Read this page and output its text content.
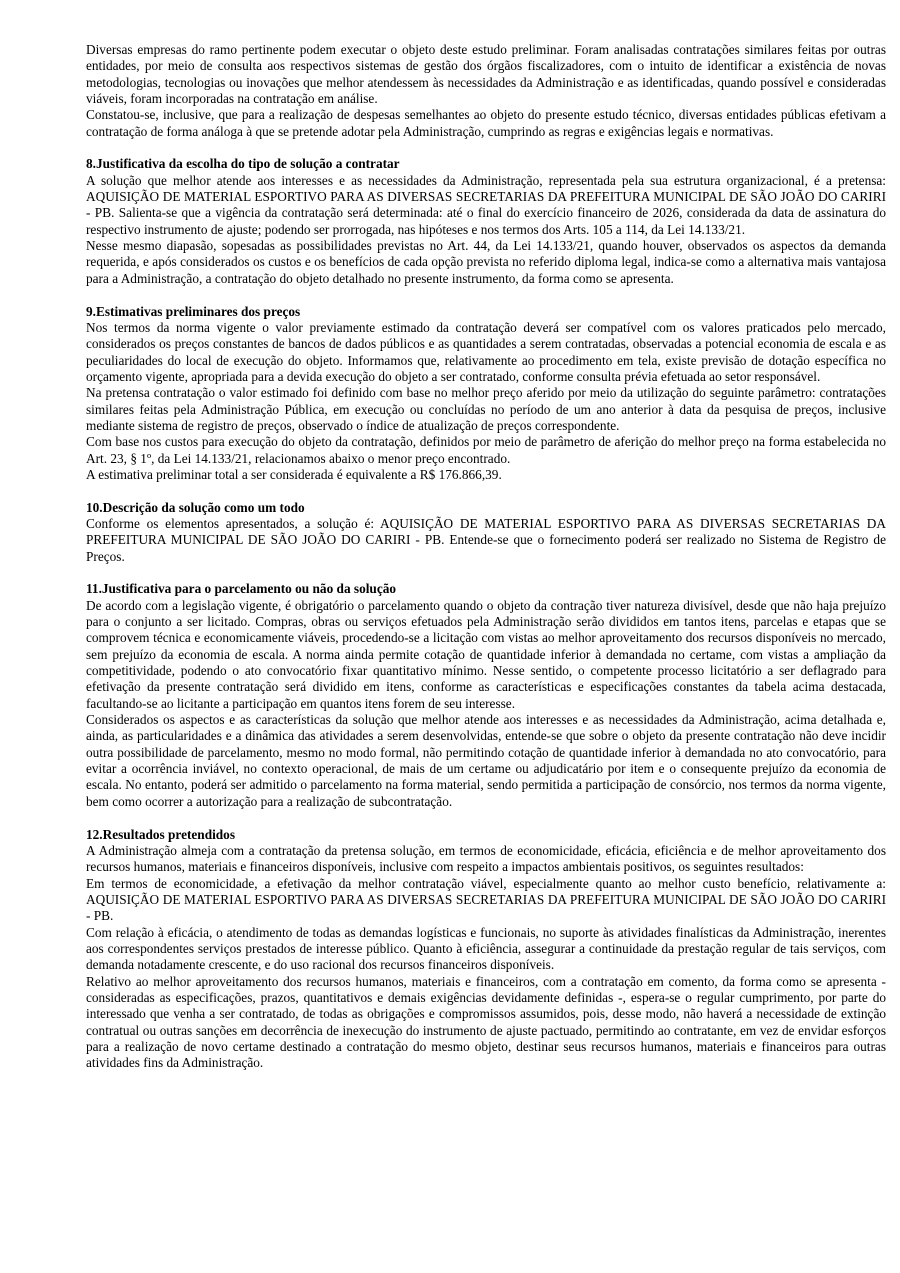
Diversas empresas do ramo pertinente podem executar o objeto deste estudo preliminar. Foram analisadas contratações similares feitas por outras entidades, por meio de consulta aos respectivos sistemas de gestão dos órgãos fiscalizadores, com o intuito de identificar a existência de novas metodologias, tecnologias ou inovações que melhor atendessem às necessidades da Administração e as identificadas, quando possível e consideradas viáveis, foram incorporadas na contratação em análise.

Constatou-se, inclusive, que para a realização de despesas semelhantes ao objeto do presente estudo técnico, diversas entidades públicas efetivam a contratação de forma análoga à que se pretende adotar pela Administração, cumprindo as regras e exigências legais e normativas.

8.Justificativa da escolha do tipo de solução a contratar

A solução que melhor atende aos interesses e as necessidades da Administração, representada pela sua estrutura organizacional, é a pretensa: AQUISIÇÃO DE MATERIAL ESPORTIVO PARA AS DIVERSAS SECRETARIAS DA PREFEITURA MUNICIPAL DE SÃO JOÃO DO CARIRI - PB. Salienta-se que a vigência da contratação será determinada: até o final do exercício financeiro de 2026, considerada da data de assinatura do respectivo instrumento de ajuste; podendo ser prorrogada, nas hipóteses e nos termos dos Arts. 105 a 114, da Lei 14.133/21.

Nesse mesmo diapasão, sopesadas as possibilidades previstas no Art. 44, da Lei 14.133/21, quando houver, observados os aspectos da demanda requerida, e após considerados os custos e os benefícios de cada opção prevista no referido diploma legal, indica-se como a alternativa mais vantajosa para a Administração, a contratação do objeto detalhado no presente instrumento, da forma como se apresenta.

9.Estimativas preliminares dos preços

Nos termos da norma vigente o valor previamente estimado da contratação deverá ser compatível com os valores praticados pelo mercado, considerados os preços constantes de bancos de dados públicos e as quantidades a serem contratadas, observadas a potencial economia de escala e as peculiaridades do local de execução do objeto. Informamos que, relativamente ao procedimento em tela, existe previsão de dotação específica no orçamento vigente, apropriada para a devida execução do objeto a ser contratado, conforme consulta prévia efetuada ao setor responsável.

Na pretensa contratação o valor estimado foi definido com base no melhor preço aferido por meio da utilização do seguinte parâmetro: contratações similares feitas pela Administração Pública, em execução ou concluídas no período de um ano anterior à data da pesquisa de preços, inclusive mediante sistema de registro de preços, observado o índice de atualização de preços correspondente.

Com base nos custos para execução do objeto da contratação, definidos por meio de parâmetro de aferição do melhor preço na forma estabelecida no Art. 23, § 1º, da Lei 14.133/21, relacionamos abaixo o menor preço encontrado.

A estimativa preliminar total a ser considerada é equivalente a R$ 176.866,39.

10.Descrição da solução como um todo

Conforme os elementos apresentados, a solução é: AQUISIÇÃO DE MATERIAL ESPORTIVO PARA AS DIVERSAS SECRETARIAS DA PREFEITURA MUNICIPAL DE SÃO JOÃO DO CARIRI - PB. Entende-se que o fornecimento poderá ser realizado no Sistema de Registro de Preços.

11.Justificativa para o parcelamento ou não da solução

De acordo com a legislação vigente, é obrigatório o parcelamento quando o objeto da contração tiver natureza divisível, desde que não haja prejuízo para o conjunto a ser licitado. Compras, obras ou serviços efetuados pela Administração serão divididos em tantos itens, parcelas e etapas que se comprovem técnica e economicamente viáveis, procedendo-se a licitação com vistas ao melhor aproveitamento dos recursos disponíveis no mercado, sem prejuízo da economia de escala. A norma ainda permite cotação de quantidade inferior à demandada no certame, com vistas a ampliação da competitividade, podendo o ato convocatório fixar quantitativo mínimo. Nesse sentido, o competente processo licitatório a ser deflagrado para efetivação da presente contratação será dividido em itens, conforme as características e especificações constantes da tabela acima destacada, facultando-se ao licitante a participação em quantos itens forem de seu interesse.

Considerados os aspectos e as características da solução que melhor atende aos interesses e as necessidades da Administração, acima detalhada e, ainda, as particularidades e a dinâmica das atividades a serem desenvolvidas, entende-se que sobre o objeto da presente contratação não deve incidir outra possibilidade de parcelamento, mesmo no modo formal, não permitindo cotação de quantidade inferior à demandada no ato convocatório, para evitar a ocorrência inviável, no contexto operacional, de mais de um certame ou adjudicatário por item e o consequente prejuízo da economia de escala. No entanto, poderá ser admitido o parcelamento na forma material, sendo permitida a participação de consórcio, nos termos da norma vigente, bem como ocorrer a autorização para a realização de subcontratação.

12.Resultados pretendidos

A Administração almeja com a contratação da pretensa solução, em termos de economicidade, eficácia, eficiência e de melhor aproveitamento dos recursos humanos, materiais e financeiros disponíveis, inclusive com respeito a impactos ambientais positivos, os seguintes resultados:

Em termos de economicidade, a efetivação da melhor contratação viável, especialmente quanto ao melhor custo benefício, relativamente a: AQUISIÇÃO DE MATERIAL ESPORTIVO PARA AS DIVERSAS SECRETARIAS DA PREFEITURA MUNICIPAL DE SÃO JOÃO DO CARIRI - PB.

Com relação à eficácia, o atendimento de todas as demandas logísticas e funcionais, no suporte às atividades finalísticas da Administração, inerentes aos correspondentes serviços prestados de interesse público. Quanto à eficiência, assegurar a continuidade da prestação regular de tais serviços, com demanda notadamente crescente, e do uso racional dos recursos financeiros disponíveis.

Relativo ao melhor aproveitamento dos recursos humanos, materiais e financeiros, com a contratação em comento, da forma como se apresenta - consideradas as especificações, prazos, quantitativos e demais exigências devidamente definidas -, espera-se o regular cumprimento, por parte do interessado que venha a ser contratado, de todas as obrigações e compromissos assumidos, pois, desse modo, não haverá a necessidade de extinção contratual ou outras sanções em decorrência de inexecução do instrumento de ajuste pactuado, permitindo ao contratante, em vez de envidar esforços para a realização de novo certame destinado a contratação do mesmo objeto, destinar seus recursos humanos, materiais e financeiros para outras atividades fins da Administração.
